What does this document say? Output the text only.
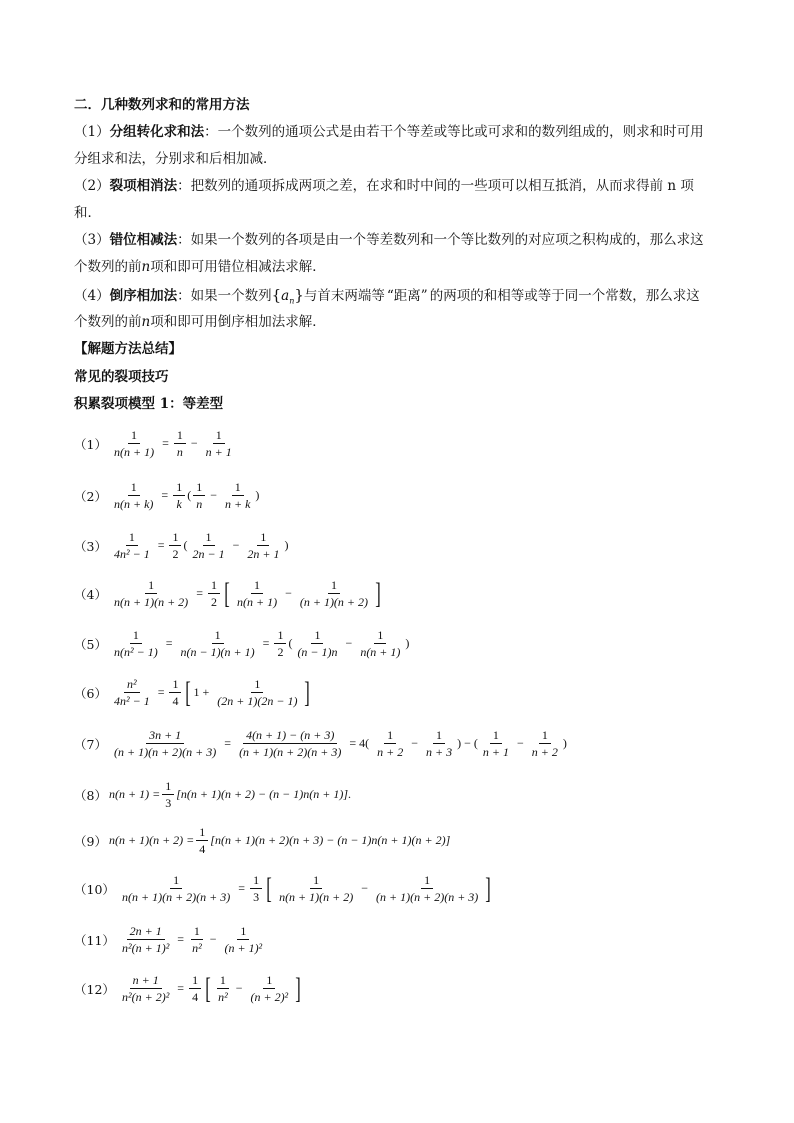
二．几种数列求和的常用方法
（1）分组转化求和法：一个数列的通项公式是由若干个等差或等比或可求和的数列组成的，则求和时可用
分组求和法，分别求和后相加减．
（2）裂项相消法：把数列的通项拆成两项之差，在求和时中间的一些项可以相互抵消，从而求得前 n 项
和．
（3）错位相减法：如果一个数列的各项是由一个等差数列和一个等比数列的对应项之积构成的，那么求这
个数列的前n项和即可用错位相减法求解．
（4）倒序相加法：如果一个数列$\{a_n\}$与首末两端等 “距离” 的两项的和相等或等于同一个常数，那么求这
个数列的前n项和即可用倒序相加法求解．
【解题方法总结】
常见的裂项技巧
积累裂项模型 1：等差型
$(1) \frac{1}{n(n + 1)} = \frac{1}{n} - \frac{1}{n + 1}$
$(2) \frac{1}{n(n + k)} = \frac{1}{k}$ ( $\frac{1}{n} - \frac{1}{n + k}$ )
$(3) \frac{1}{\text{4n² − 1}} = \frac{1}{2}$ ( $\frac{1}{2n - 1} - \frac{1}{2n + 1}$ )
$(4) \frac{1}{n(n + 1)(n + 2)} = \frac{1}{2}$ [ $\frac{1}{n(n + 1)} - \frac{1}{(n + 1)(n + 2)}$ ]
$(5) \frac{1}{\text{n(n² − 1)}} = \frac{1}{n(n - 1)(n + 1)} = \frac{1}{2}$ ( $\frac{1}{(n - 1)n} - \frac{1}{n(n + 1)}$ )
$(6) \frac{\text{n²}}{\text{4n² − 1}} = \frac{1}{4}$ [ $1 + \frac{1}{(2n + 1)(2n - 1)}$ ]
$(7) \frac{3n + 1}{(n + 1)(n + 2)(n + 3)} = \frac{4(n + 1) - (n + 3)}{(n + 1)(n + 2)(n + 3)} = 4( \frac{1}{n + 2} - \frac{1}{n + 3}$ ) − ( $\frac{1}{n + 1} - \frac{1}{n + 2}$ )
（8） $n(n + 1) = \frac{1}{3} [n(n + 1)(n + 2) - (n - 1)n(n + 1)]$ .
（9） $n(n + 1)(n + 2) = \frac{1}{4} [n(n + 1)(n + 2)(n + 3) - (n - 1)n(n + 1)(n + 2)]$
$(10) \frac{1}{n(n + 1)(n + 2)(n + 3)} = \frac{1}{3}$ [ $\frac{1}{n(n + 1)(n + 2)} - \frac{1}{(n + 1)(n + 2)(n + 3)}$ ]
$(11) \frac{2n + 1}{\text{n²(n + 1)²}} = \frac{1}{\text{n²}} - \frac{1}{\text{(n + 1)²}}$
$(12) \frac{n + 1}{\text{n²(n + 2)²}} = \frac{1}{4}$ [ $\frac{1}{\text{n²}} - \frac{1}{\text{(n + 2)²}}$ ]
